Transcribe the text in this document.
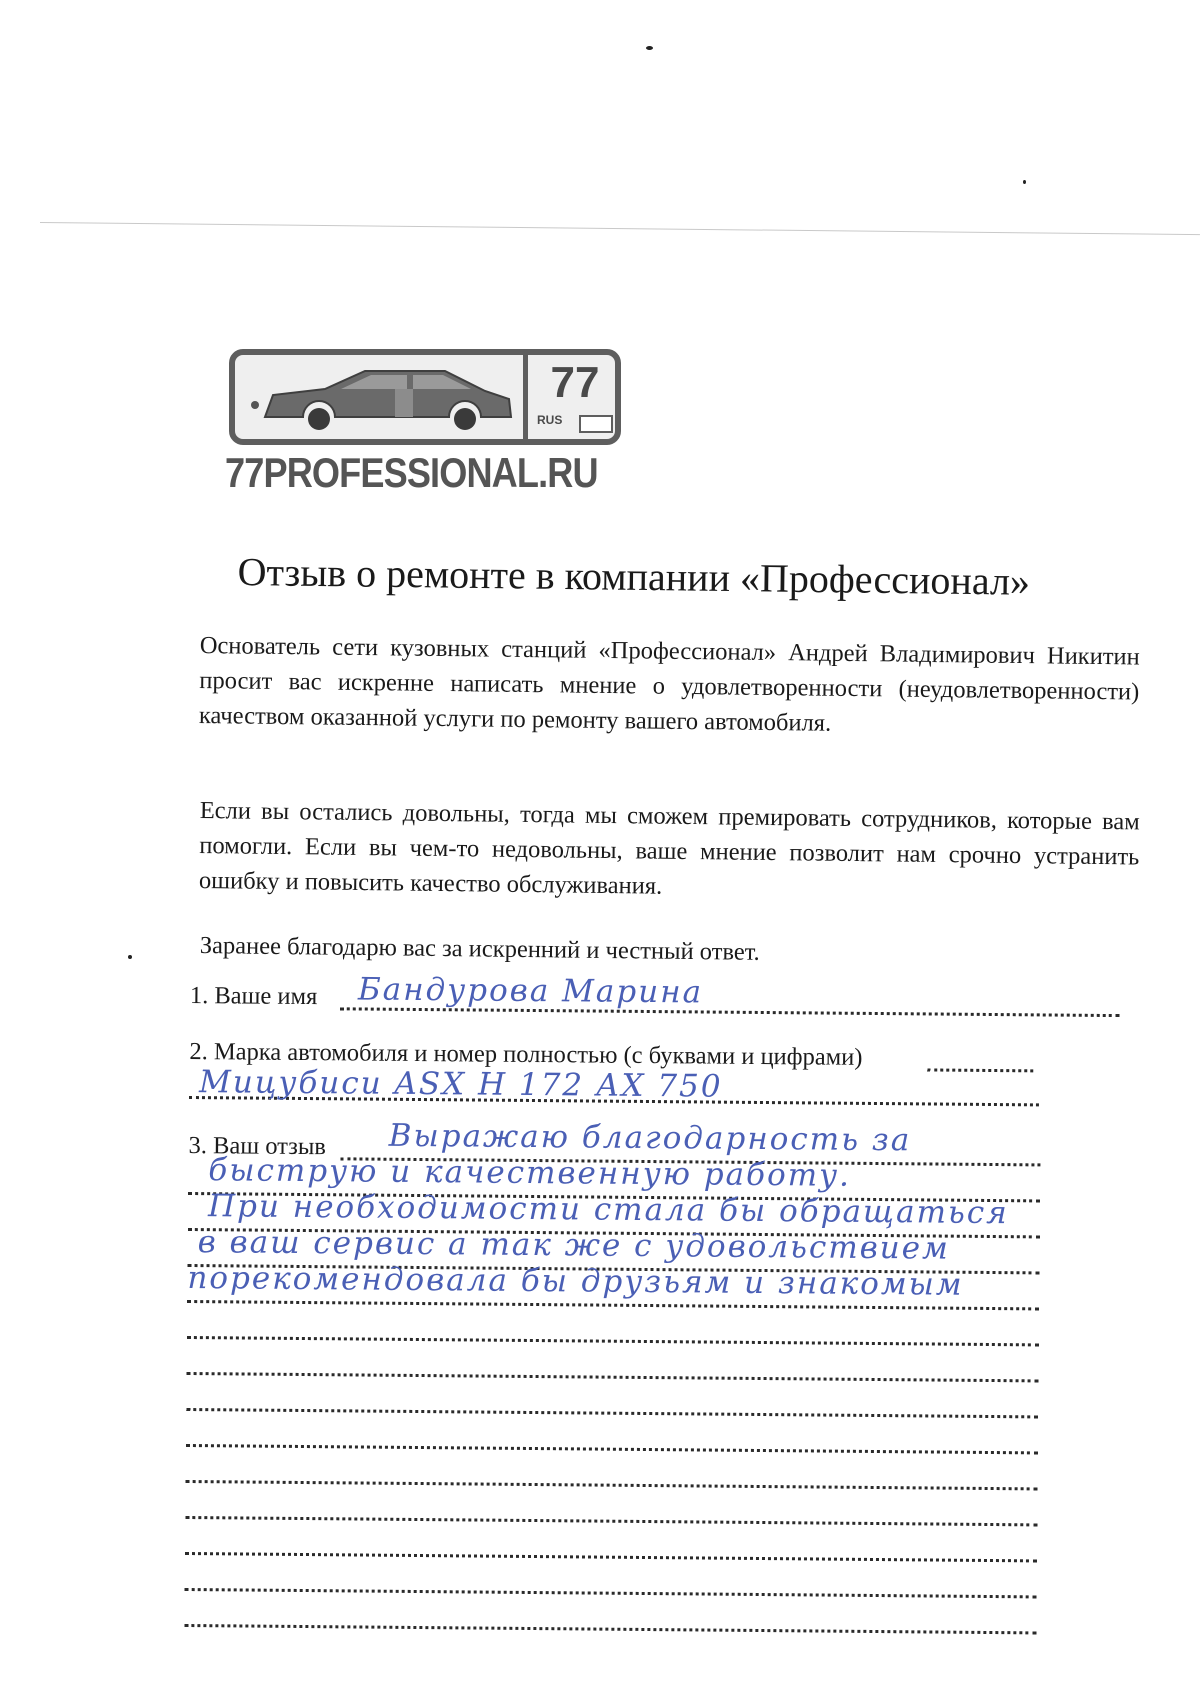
77
RUS
77PROFESSIONAL.RU
Отзыв о ремонте в компании «Профессионал»
Основатель сети кузовных станций «Профессионал» Андрей Владимирович Никитин просит вас искренне написать мнение о удовлетворенности (неудовлетворенности) качеством оказанной услуги по ремонту вашего автомобиля.
Если вы остались довольны, тогда мы сможем премировать сотрудников, которые вам помогли. Если вы чем-то недовольны, ваше мнение позволит нам срочно устранить ошибку и повысить качество обслуживания.
Заранее благодарю вас за искренний и честный ответ.
1. Ваше имя Бандурова Марина
2. Марка автомобиля и номер полностью (с буквами и цифрами)
Мицубиси ASX Н 172 АХ 750
3. Ваш отзыв Выражаю благодарность за
быструю и качественную работу.
При необходимости стала бы обращаться
в ваш сервис а так же с удовольствием
порекомендовала бы друзьям и знакомым
